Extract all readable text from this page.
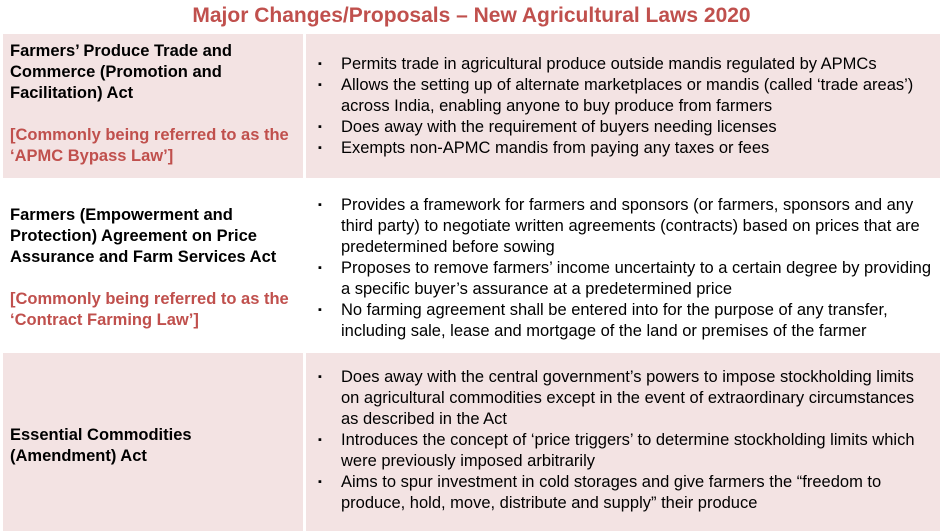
Major Changes/Proposals – New Agricultural Laws 2020
Farmers’ Produce Trade and Commerce (Promotion and Facilitation) Act
[Commonly being referred to as the ‘APMC Bypass Law’]
▪ Permits trade in agricultural produce outside mandis regulated by APMCs
▪ Allows the setting up of alternate marketplaces or mandis (called ‘trade areas’) across India, enabling anyone to buy produce from farmers
▪ Does away with the requirement of buyers needing licenses
▪ Exempts non-APMC mandis from paying any taxes or fees
Farmers (Empowerment and Protection) Agreement on Price Assurance and Farm Services Act
[Commonly being referred to as the ‘Contract Farming Law’]
▪ Provides a framework for farmers and sponsors (or farmers, sponsors and any third party) to negotiate written agreements (contracts) based on prices that are predetermined before sowing
▪ Proposes to remove farmers’ income uncertainty to a certain degree by providing a specific buyer’s assurance at a predetermined price
▪ No farming agreement shall be entered into for the purpose of any transfer, including sale, lease and mortgage of the land or premises of the farmer
Essential Commodities (Amendment) Act
▪ Does away with the central government’s powers to impose stockholding limits on agricultural commodities except in the event of extraordinary circumstances as described in the Act
▪ Introduces the concept of ‘price triggers’ to determine stockholding limits which were previously imposed arbitrarily
▪ Aims to spur investment in cold storages and give farmers the “freedom to produce, hold, move, distribute and supply” their produce
